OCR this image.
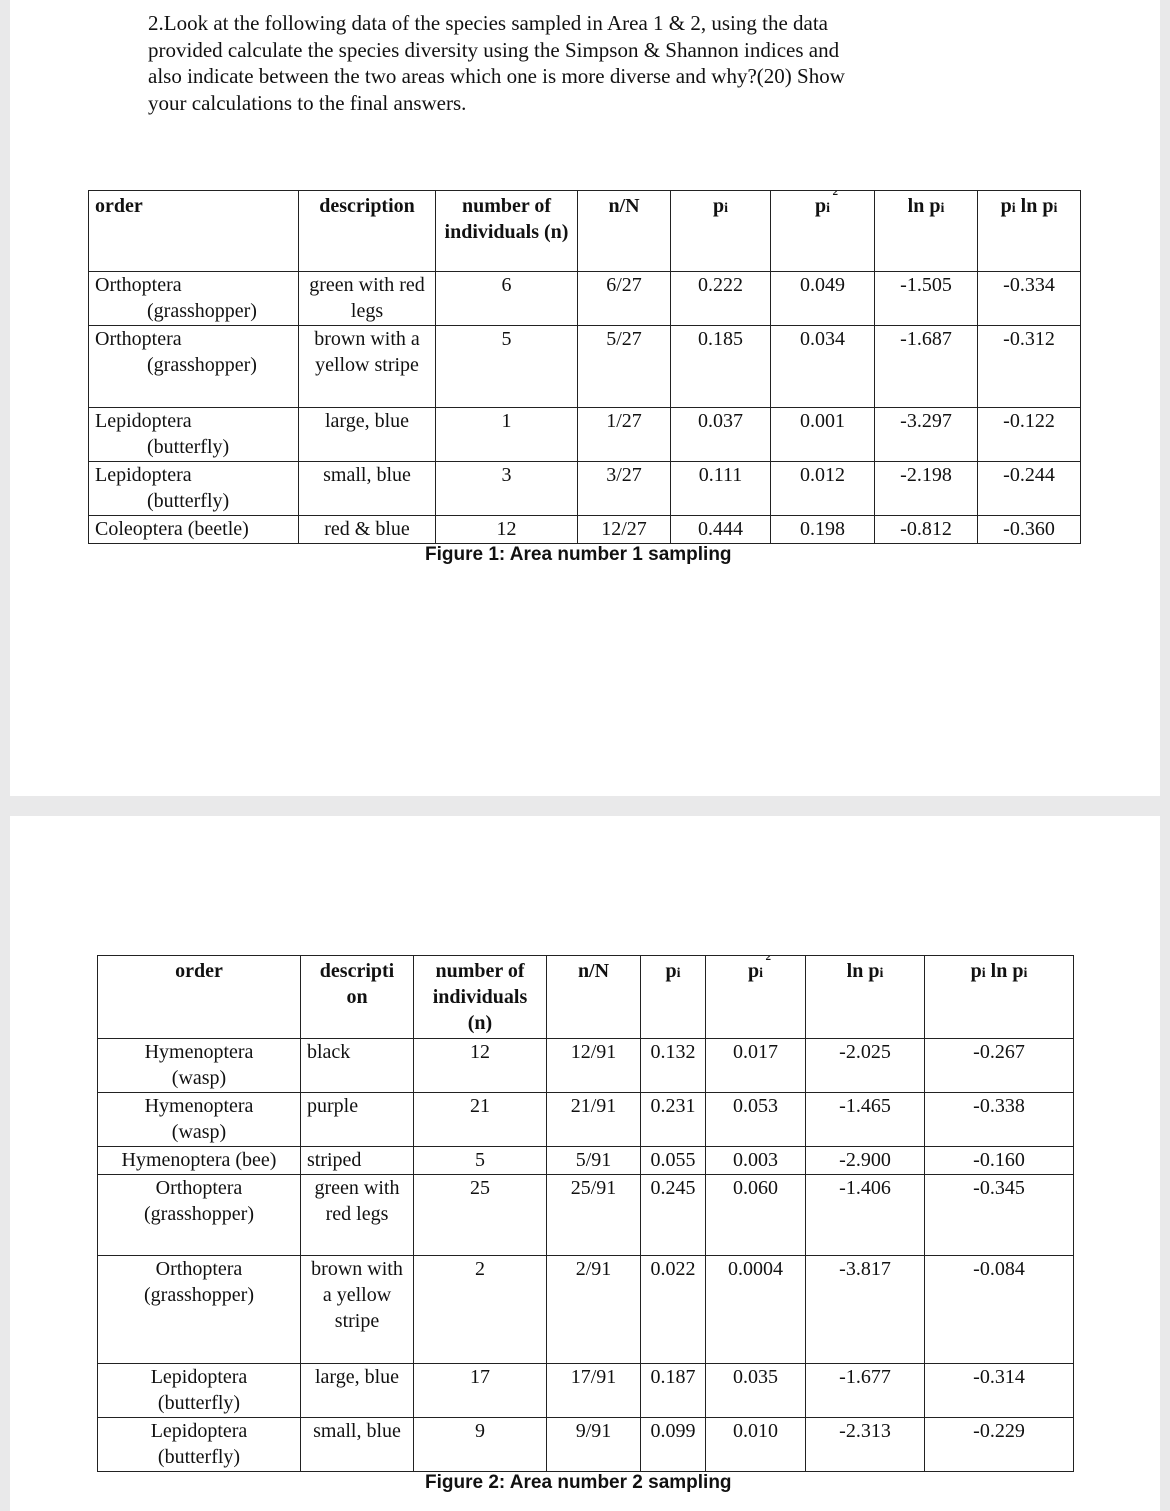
2.Look at the following data of the species sampled in Area 1 & 2, using the data provided calculate the species diversity using the Simpson & Shannon indices and also indicate between the two areas which one is more diverse and why?(20) Show your calculations to the final answers.
order	description	number of individuals (n)	n/N	pi	pi 2	ln pi	pi ln pi

Orthoptera
(grasshopper)	green with red legs	6	6/27	0.222	0.049	-1.505	-0.334

Orthoptera
(grasshopper)	brown with a yellow stripe	5	5/27	0.185	0.034	-1.687	-0.312

Lepidoptera
(butterfly)	large, blue	1	1/27	0.037	0.001	-3.297	-0.122

Lepidoptera
(butterfly)	small, blue	3	3/27	0.111	0.012	-2.198	-0.244

Coleoptera (beetle)	red & blue	12	12/27	0.444	0.198	-0.812	-0.360
Figure 1: Area number 1 sampling
order	descripti on	number of individuals (n)	n/N	pi	pi 2	ln pi	pi ln pi

Hymenoptera
(wasp)	black	12	12/91	0.132	0.017	-2.025	-0.267

Hymenoptera
(wasp)	purple	21	21/91	0.231	0.053	-1.465	-0.338

Hymenoptera (bee)	striped	5	5/91	0.055	0.003	-2.900	-0.160

Orthoptera
(grasshopper)	green with red legs	25	25/91	0.245	0.060	-1.406	-0.345

Orthoptera
(grasshopper)	brown with a yellow stripe	2	2/91	0.022	0.0004	-3.817	-0.084

Lepidoptera
(butterfly)	large, blue	17	17/91	0.187	0.035	-1.677	-0.314

Lepidoptera
(butterfly)	small, blue	9	9/91	0.099	0.010	-2.313	-0.229
Figure 2: Area number 2 sampling
